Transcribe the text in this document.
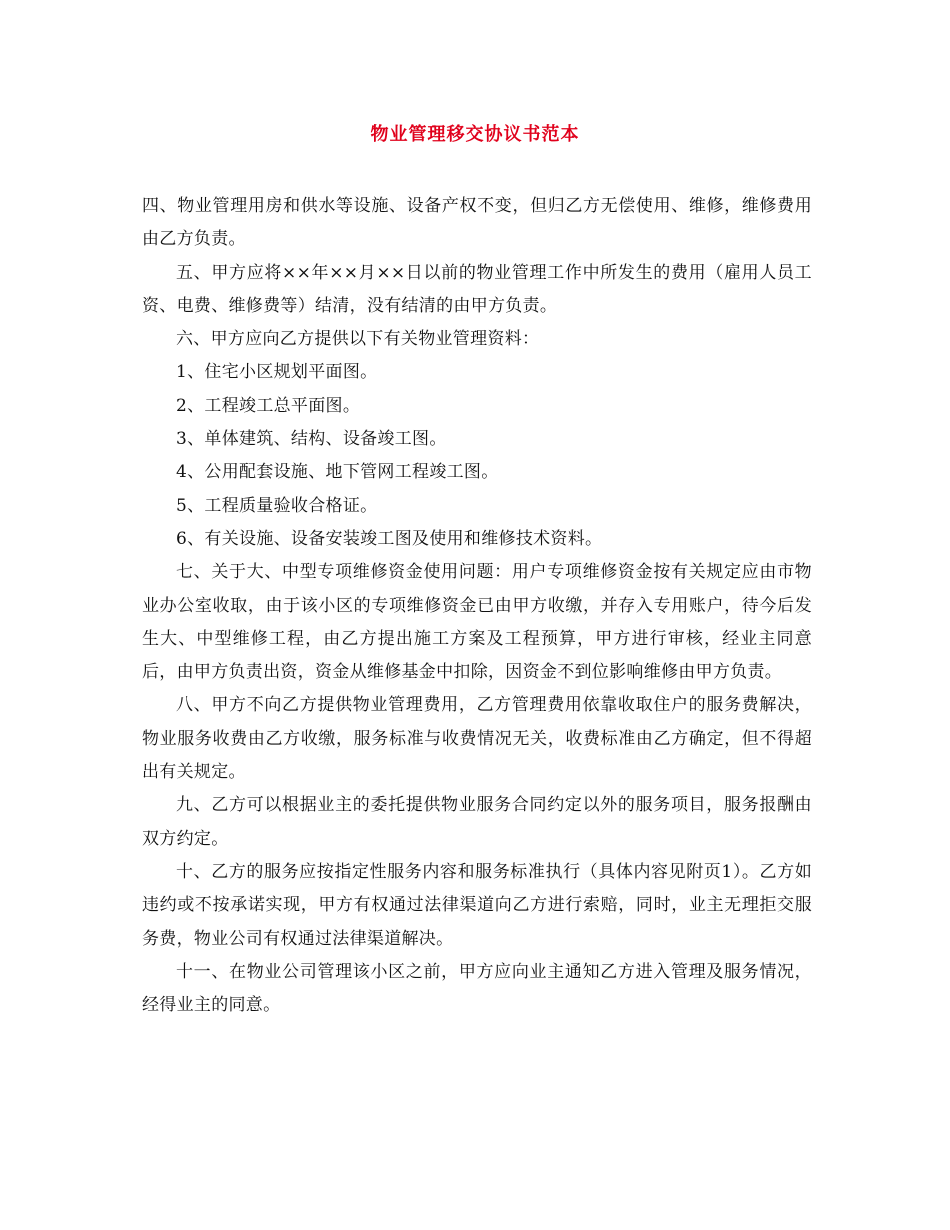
物业管理移交协议书范本

四、物业管理用房和供水等设施、设备产权不变，但归乙方无偿使用、维修，维修费用由乙方负责。

五、甲方应将××年××月××日以前的物业管理工作中所发生的费用（雇用人员工资、电费、维修费等）结清，没有结清的由甲方负责。

六、甲方应向乙方提供以下有关物业管理资料：

1、住宅小区规划平面图。

2、工程竣工总平面图。

3、单体建筑、结构、设备竣工图。

4、公用配套设施、地下管网工程竣工图。

5、工程质量验收合格证。

6、有关设施、设备安装竣工图及使用和维修技术资料。

七、关于大、中型专项维修资金使用问题：用户专项维修资金按有关规定应由市物业办公室收取，由于该小区的专项维修资金已由甲方收缴，并存入专用账户，待今后发生大、中型维修工程，由乙方提出施工方案及工程预算，甲方进行审核，经业主同意后，由甲方负责出资，资金从维修基金中扣除，因资金不到位影响维修由甲方负责。

八、甲方不向乙方提供物业管理费用，乙方管理费用依靠收取住户的服务费解决，物业服务收费由乙方收缴，服务标准与收费情况无关，收费标准由乙方确定，但不得超出有关规定。

九、乙方可以根据业主的委托提供物业服务合同约定以外的服务项目，服务报酬由双方约定。

十、乙方的服务应按指定性服务内容和服务标准执行（具体内容见附页1）。乙方如违约或不按承诺实现，甲方有权通过法律渠道向乙方进行索赔，同时，业主无理拒交服务费，物业公司有权通过法律渠道解决。

十一、在物业公司管理该小区之前，甲方应向业主通知乙方进入管理及服务情况，经得业主的同意。
